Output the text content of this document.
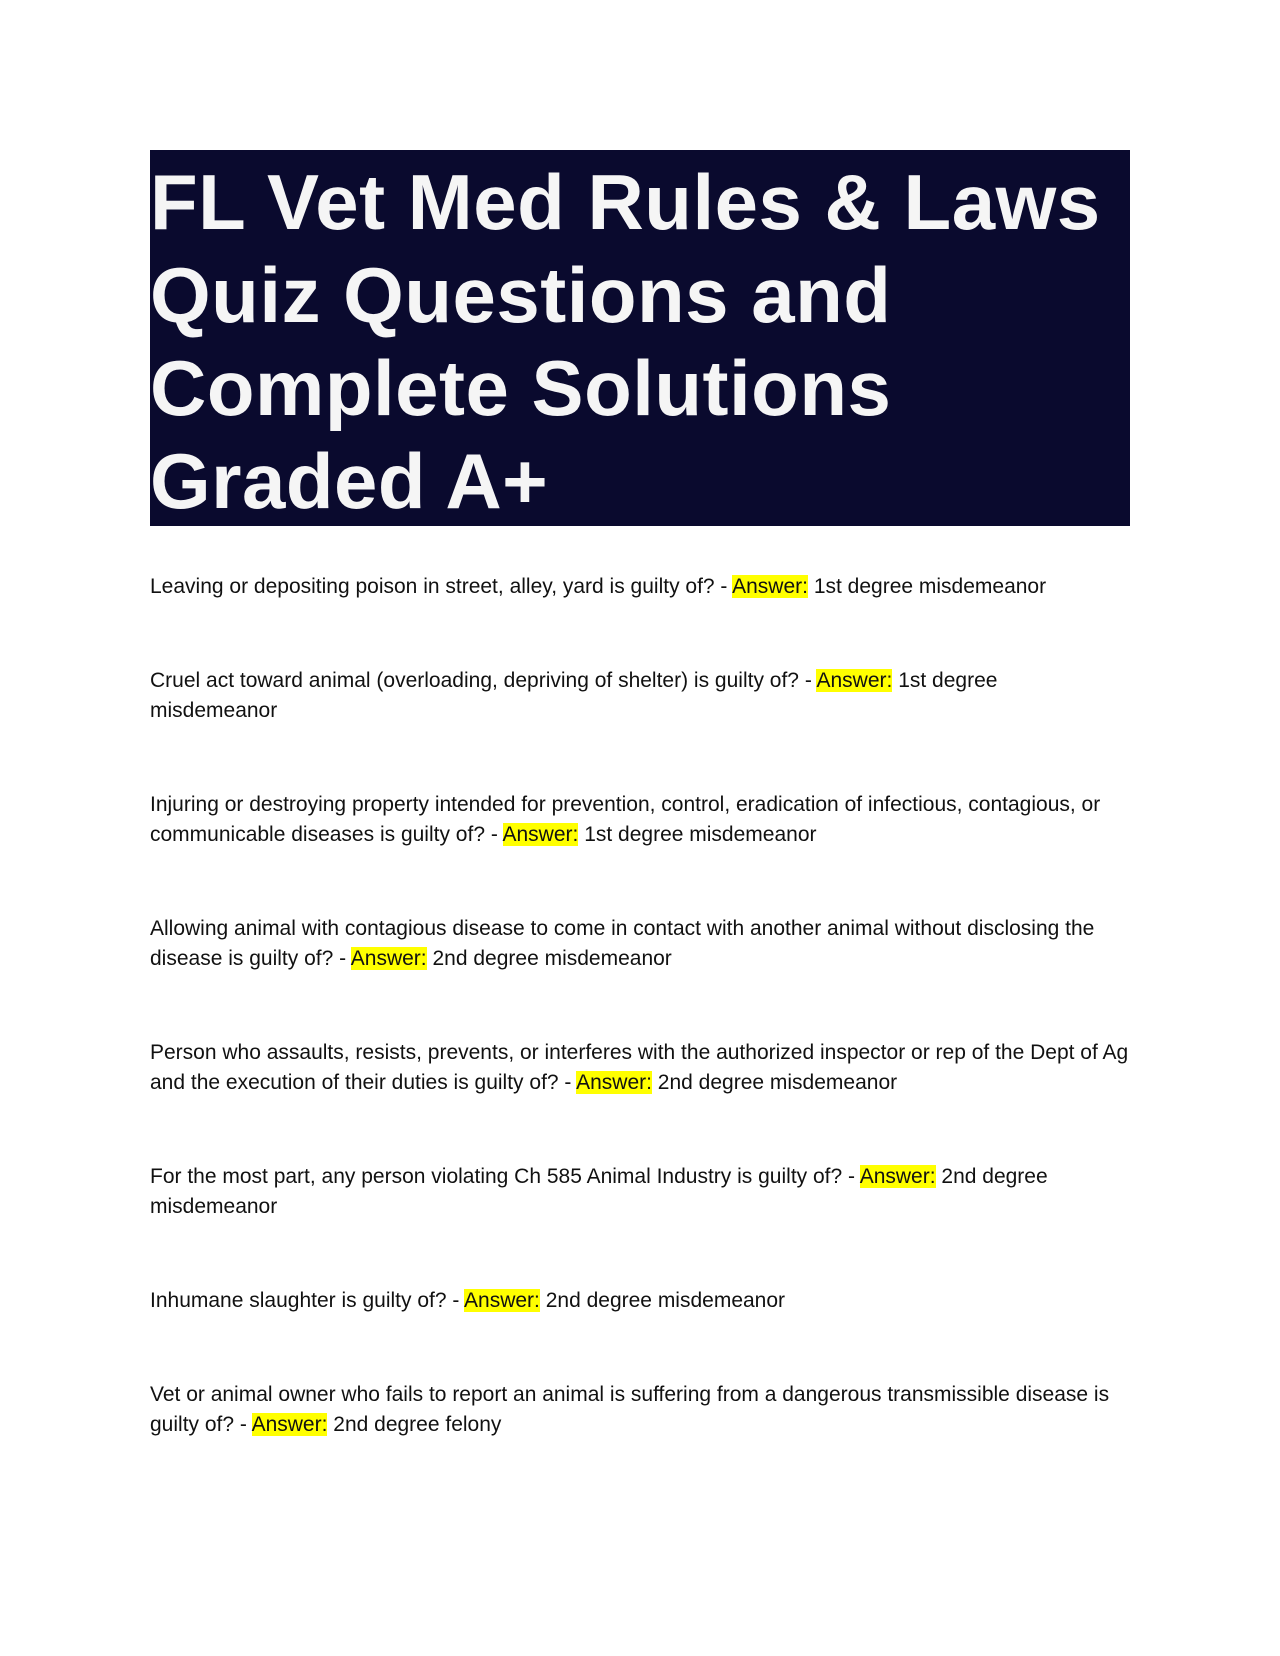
FL Vet Med Rules & Laws Quiz Questions and Complete Solutions Graded A+

Leaving or depositing poison in street, alley, yard is guilty of? - Answer: 1st degree misdemeanor

Cruel act toward animal (overloading, depriving of shelter) is guilty of? - Answer: 1st degree misdemeanor

Injuring or destroying property intended for prevention, control, eradication of infectious, contagious, or communicable diseases is guilty of? - Answer: 1st degree misdemeanor

Allowing animal with contagious disease to come in contact with another animal without disclosing the disease is guilty of? - Answer: 2nd degree misdemeanor

Person who assaults, resists, prevents, or interferes with the authorized inspector or rep of the Dept of Ag and the execution of their duties is guilty of? - Answer: 2nd degree misdemeanor

For the most part, any person violating Ch 585 Animal Industry is guilty of? - Answer: 2nd degree misdemeanor

Inhumane slaughter is guilty of? - Answer: 2nd degree misdemeanor

Vet or animal owner who fails to report an animal is suffering from a dangerous transmissible disease is guilty of? - Answer: 2nd degree felony
